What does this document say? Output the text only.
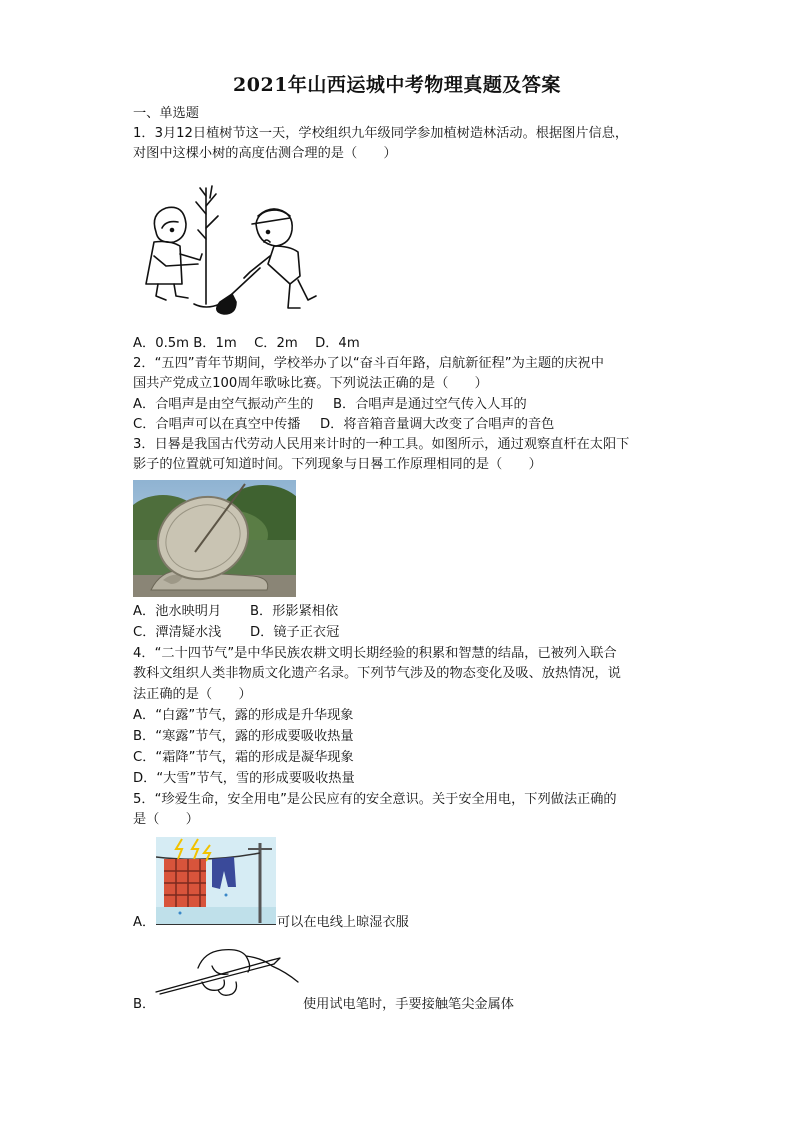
2021年山西运城中考物理真题及答案
一、单选题
1．3月12日植树节这一天，学校组织九年级同学参加植树造林活动。根据图片信息，
对图中这棵小树的高度估测合理的是（　　）
A．0.5m B．1m　 C．2m　 D．4m
2．“五四”青年节期间，学校举办了以“奋斗百年路，启航新征程”为主题的庆祝中
国共产党成立100周年歌咏比赛。下列说法正确的是（　　）
A．合唱声是由空气振动产生的 B．合唱声是通过空气传入人耳的
C．合唱声可以在真空中传播 D．将音箱音量调大改变了合唱声的音色
3．日晷是我国古代劳动人民用来计时的一种工具。如图所示，通过观察直杆在太阳下
影子的位置就可知道时间。下列现象与日晷工作原理相同的是（　　）
A．池水映明月 B．形影紧相依
C．潭清疑水浅 D．镜子正衣冠
4．“二十四节气”是中华民族农耕文明长期经验的积累和智慧的结晶，已被列入联合
教科文组织人类非物质文化遗产名录。下列节气涉及的物态变化及吸、放热情况，说
法正确的是（　　）
A．“白露”节气，露的形成是升华现象
B．“寒露”节气，露的形成要吸收热量
C．“霜降”节气，霜的形成是凝华现象
D．“大雪”节气，雪的形成要吸收热量
5．“珍爱生命，安全用电”是公民应有的安全意识。关于安全用电，下列做法正确的
是（　　）
A．	可以在电线上晾湿衣服
B．	使用试电笔时，手要接触笔尖金属体
